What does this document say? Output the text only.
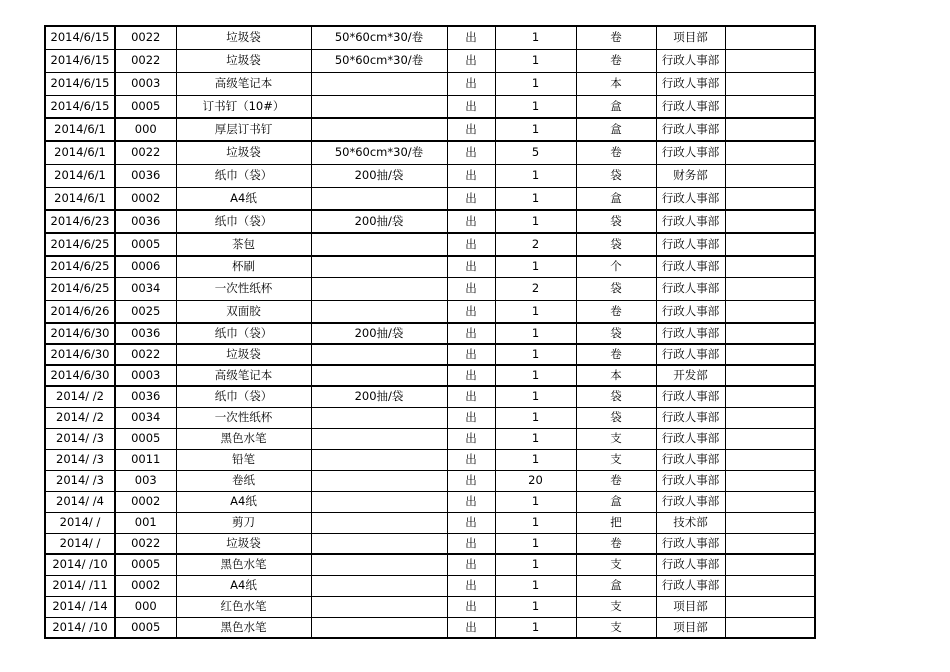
2014/6/15	0022	垃圾袋	50*60cm*30/卷	出	1	卷	项目部	
2014/6/15	0022	垃圾袋	50*60cm*30/卷	出	1	卷	行政人事部	
2014/6/15	0003	高级笔记本		出	1	本	行政人事部	
2014/6/15	0005	订书钉（10#）		出	1	盒	行政人事部	
2014/6/1	000	厚层订书钉		出	1	盒	行政人事部	
2014/6/1	0022	垃圾袋	50*60cm*30/卷	出	5	卷	行政人事部	
2014/6/1	0036	纸巾（袋）	200抽/袋	出	1	袋	财务部	
2014/6/1	0002	A4纸		出	1	盒	行政人事部	
2014/6/23	0036	纸巾（袋）	200抽/袋	出	1	袋	行政人事部	
2014/6/25	0005	茶包		出	2	袋	行政人事部	
2014/6/25	0006	杯刷		出	1	个	行政人事部	
2014/6/25	0034	一次性纸杯		出	2	袋	行政人事部	
2014/6/26	0025	双面胶		出	1	卷	行政人事部	
2014/6/30	0036	纸巾（袋）	200抽/袋	出	1	袋	行政人事部	
2014/6/30	0022	垃圾袋		出	1	卷	行政人事部	
2014/6/30	0003	高级笔记本		出	1	本	开发部	
2014/ /2	0036	纸巾（袋）	200抽/袋	出	1	袋	行政人事部	
2014/ /2	0034	一次性纸杯		出	1	袋	行政人事部	
2014/ /3	0005	黑色水笔		出	1	支	行政人事部	
2014/ /3	0011	铅笔		出	1	支	行政人事部	
2014/ /3	003	卷纸		出	20	卷	行政人事部	
2014/ /4	0002	A4纸		出	1	盒	行政人事部	
2014/ /	001	剪刀		出	1	把	技术部	
2014/ /	0022	垃圾袋		出	1	卷	行政人事部	
2014/ /10	0005	黑色水笔		出	1	支	行政人事部	
2014/ /11	0002	A4纸		出	1	盒	行政人事部	
2014/ /14	000	红色水笔		出	1	支	项目部	
2014/ /10	0005	黑色水笔		出	1	支	项目部	
